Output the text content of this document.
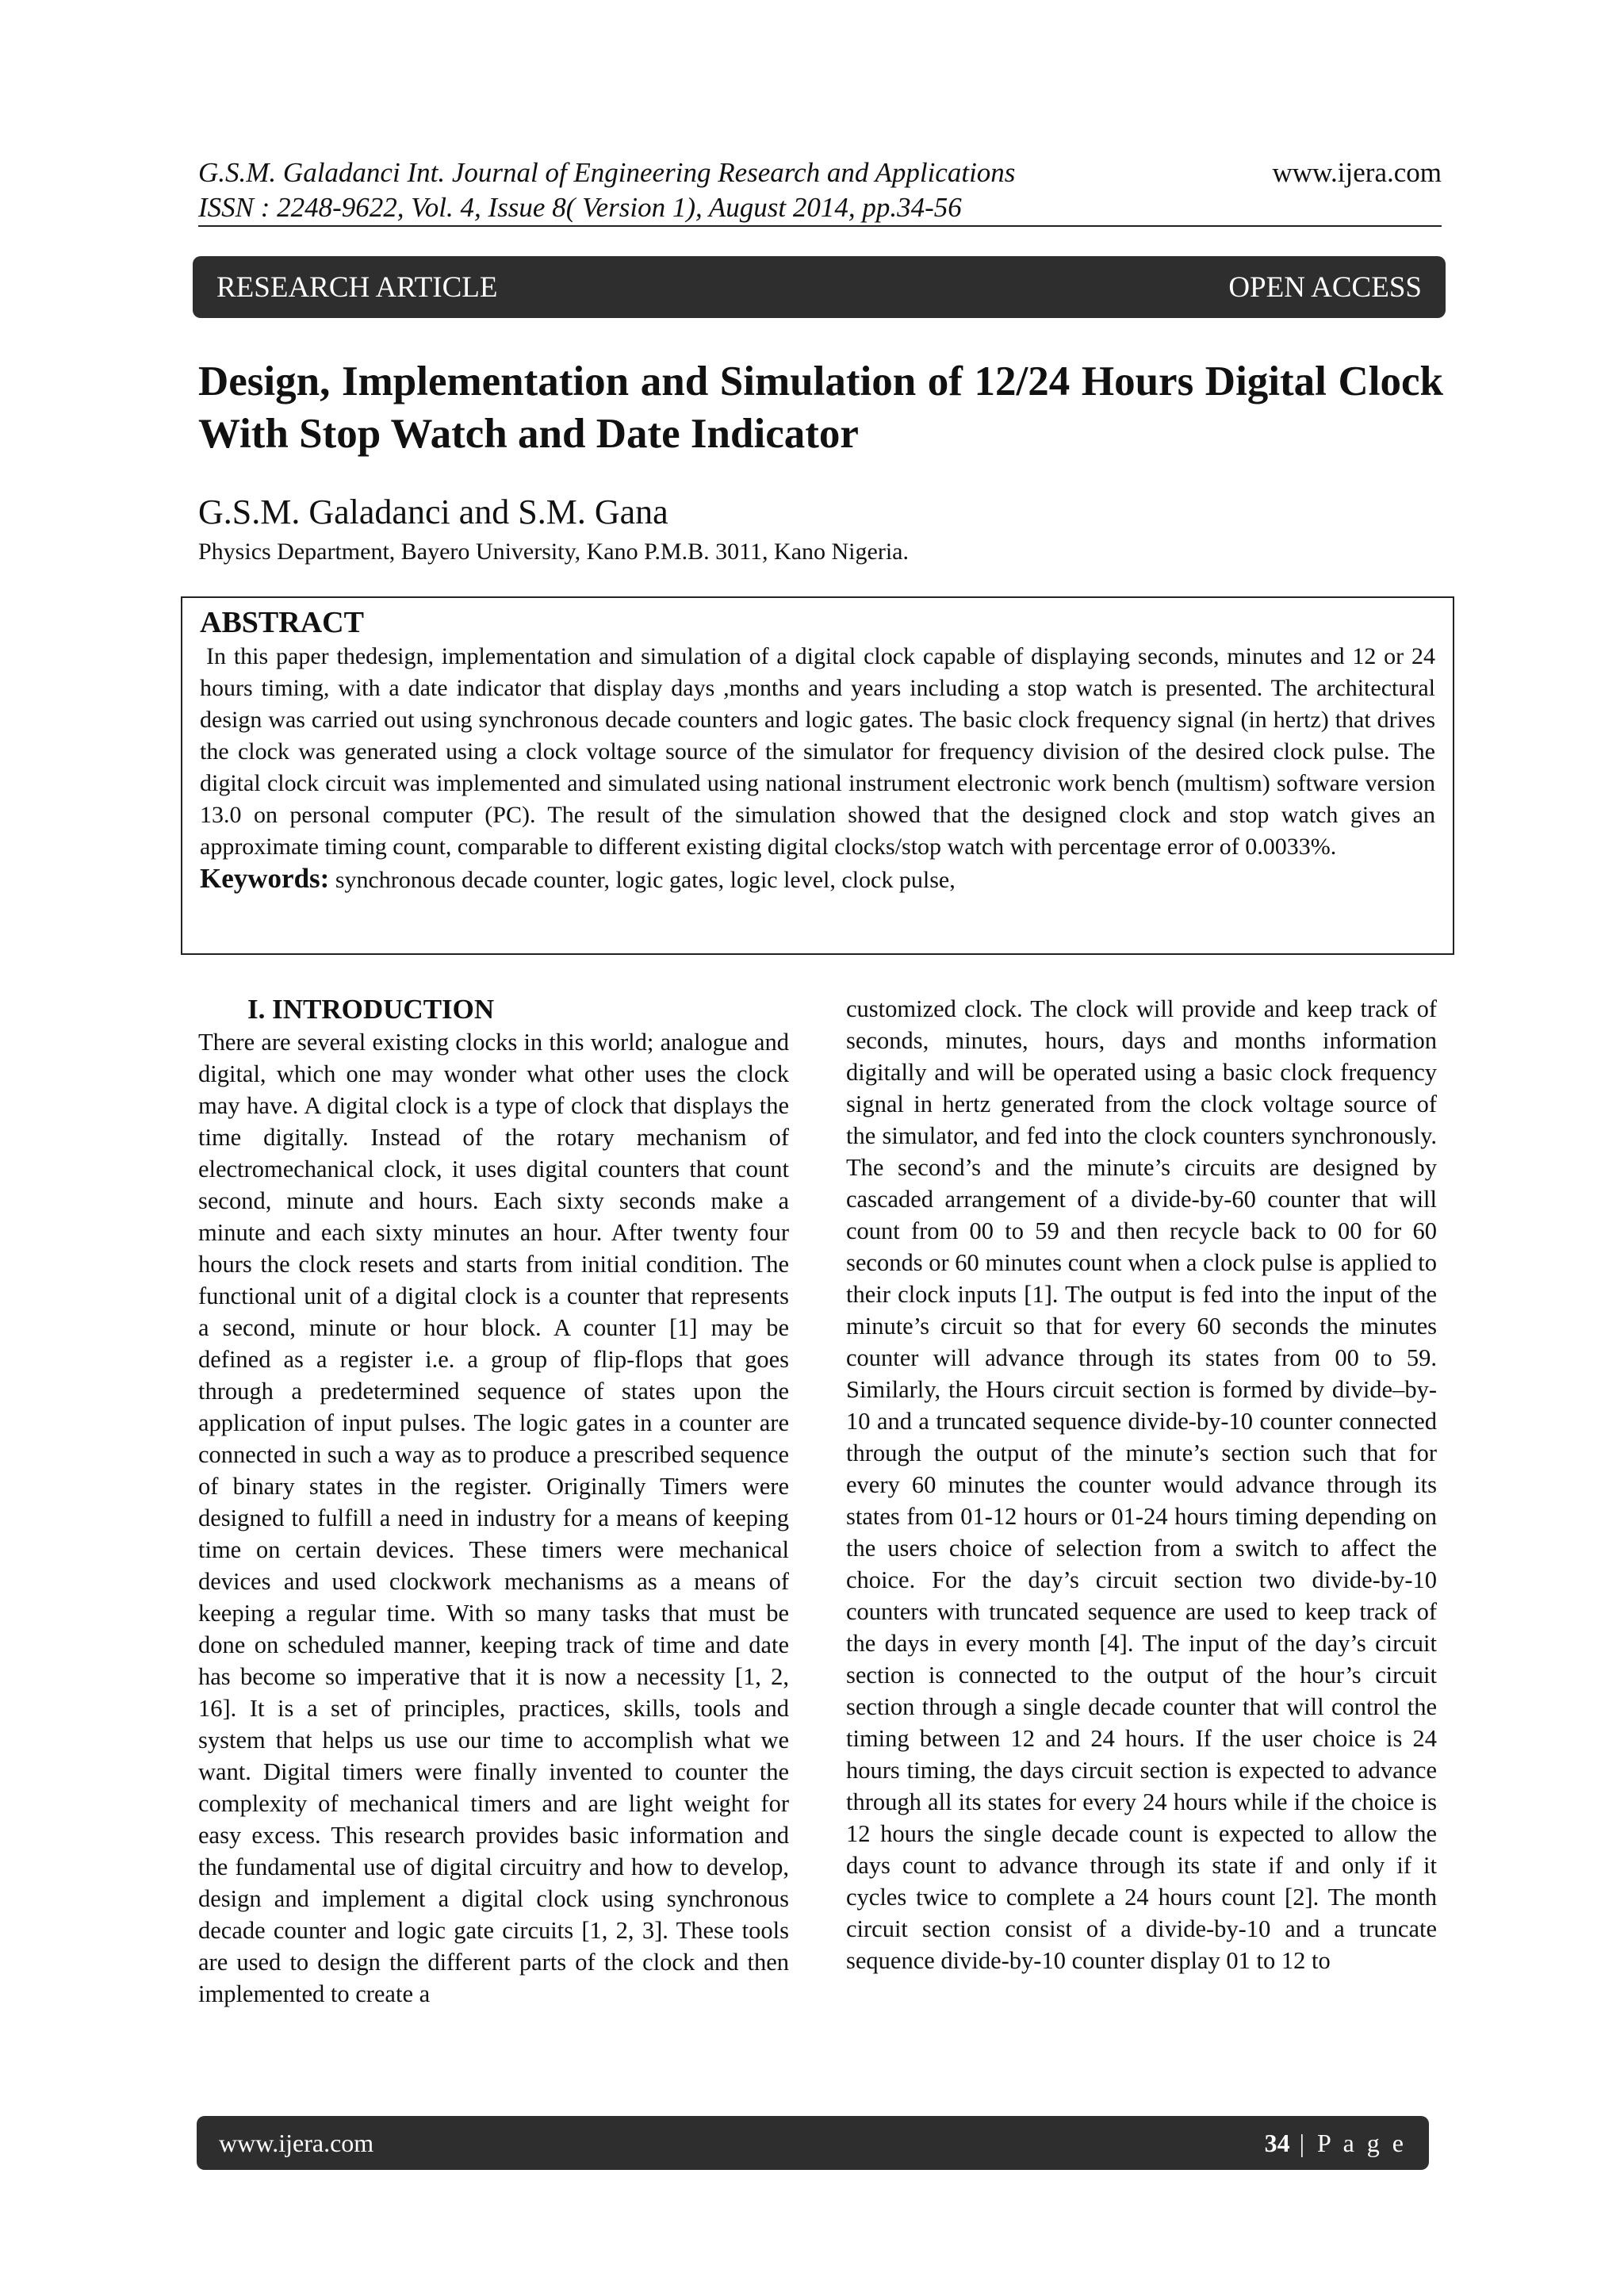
G.S.M. Galadanci Int. Journal of Engineering Research and Applications
ISSN : 2248-9622, Vol. 4, Issue 8( Version 1), August 2014, pp.34-56
www.ijera.com
RESEARCH ARTICLE	OPEN ACCESS
Design, Implementation and Simulation of 12/24 Hours Digital Clock With Stop Watch and Date Indicator
G.S.M. Galadanci and S.M. Gana
Physics Department, Bayero University, Kano P.M.B. 3011, Kano Nigeria.
ABSTRACT
In this paper thedesign, implementation and simulation of a digital clock capable of displaying seconds, minutes and 12 or 24 hours timing, with a date indicator that display days ,months and years including a stop watch is presented. The architectural design was carried out using synchronous decade counters and logic gates. The basic clock frequency signal (in hertz) that drives the clock was generated using a clock voltage source of the simulator for frequency division of the desired clock pulse. The digital clock circuit was implemented and simulated using national instrument electronic work bench (multism) software version 13.0 on personal computer (PC). The result of the simulation showed that the designed clock and stop watch gives an approximate timing count, comparable to different existing digital clocks/stop watch with percentage error of 0.0033%.
Keywords: synchronous decade counter, logic gates, logic level, clock pulse,
I. INTRODUCTION
There are several existing clocks in this world; analogue and digital, which one may wonder what other uses the clock may have. A digital clock is a type of clock that displays the time digitally. Instead of the rotary mechanism of electromechanical clock, it uses digital counters that count second, minute and hours. Each sixty seconds make a minute and each sixty minutes an hour. After twenty four hours the clock resets and starts from initial condition. The functional unit of a digital clock is a counter that represents a second, minute or hour block. A counter [1] may be defined as a register i.e. a group of flip-flops that goes through a predetermined sequence of states upon the application of input pulses. The logic gates in a counter are connected in such a way as to produce a prescribed sequence of binary states in the register. Originally Timers were designed to fulfill a need in industry for a means of keeping time on certain devices. These timers were mechanical devices and used clockwork mechanisms as a means of keeping a regular time. With so many tasks that must be done on scheduled manner, keeping track of time and date has become so imperative that it is now a necessity [1, 2, 16]. It is a set of principles, practices, skills, tools and system that helps us use our time to accomplish what we want. Digital timers were finally invented to counter the complexity of mechanical timers and are light weight for easy excess. This research provides basic information and the fundamental use of digital circuitry and how to develop, design and implement a digital clock using synchronous decade counter and logic gate circuits [1, 2, 3]. These tools are used to design the different parts of the clock and then implemented to create a
customized clock. The clock will provide and keep track of seconds, minutes, hours, days and months information digitally and will be operated using a basic clock frequency signal in hertz generated from the clock voltage source of the simulator, and fed into the clock counters synchronously. The second’s and the minute’s circuits are designed by cascaded arrangement of a divide-by-60 counter that will count from 00 to 59 and then recycle back to 00 for 60 seconds or 60 minutes count when a clock pulse is applied to their clock inputs [1]. The output is fed into the input of the minute’s circuit so that for every 60 seconds the minutes counter will advance through its states from 00 to 59. Similarly, the Hours circuit section is formed by divide–by-10 and a truncated sequence divide-by-10 counter connected through the output of the minute’s section such that for every 60 minutes the counter would advance through its states from 01-12 hours or 01-24 hours timing depending on the users choice of selection from a switch to affect the choice. For the day’s circuit section two divide-by-10 counters with truncated sequence are used to keep track of the days in every month [4]. The input of the day’s circuit section is connected to the output of the hour’s circuit section through a single decade counter that will control the timing between 12 and 24 hours. If the user choice is 24 hours timing, the days circuit section is expected to advance through all its states for every 24 hours while if the choice is 12 hours the single decade count is expected to allow the days count to advance through its state if and only if it cycles twice to complete a 24 hours count [2]. The month circuit section consist of a divide-by-10 and a truncate sequence divide-by-10 counter display 01 to 12 to
www.ijera.com	34 | P a g e
